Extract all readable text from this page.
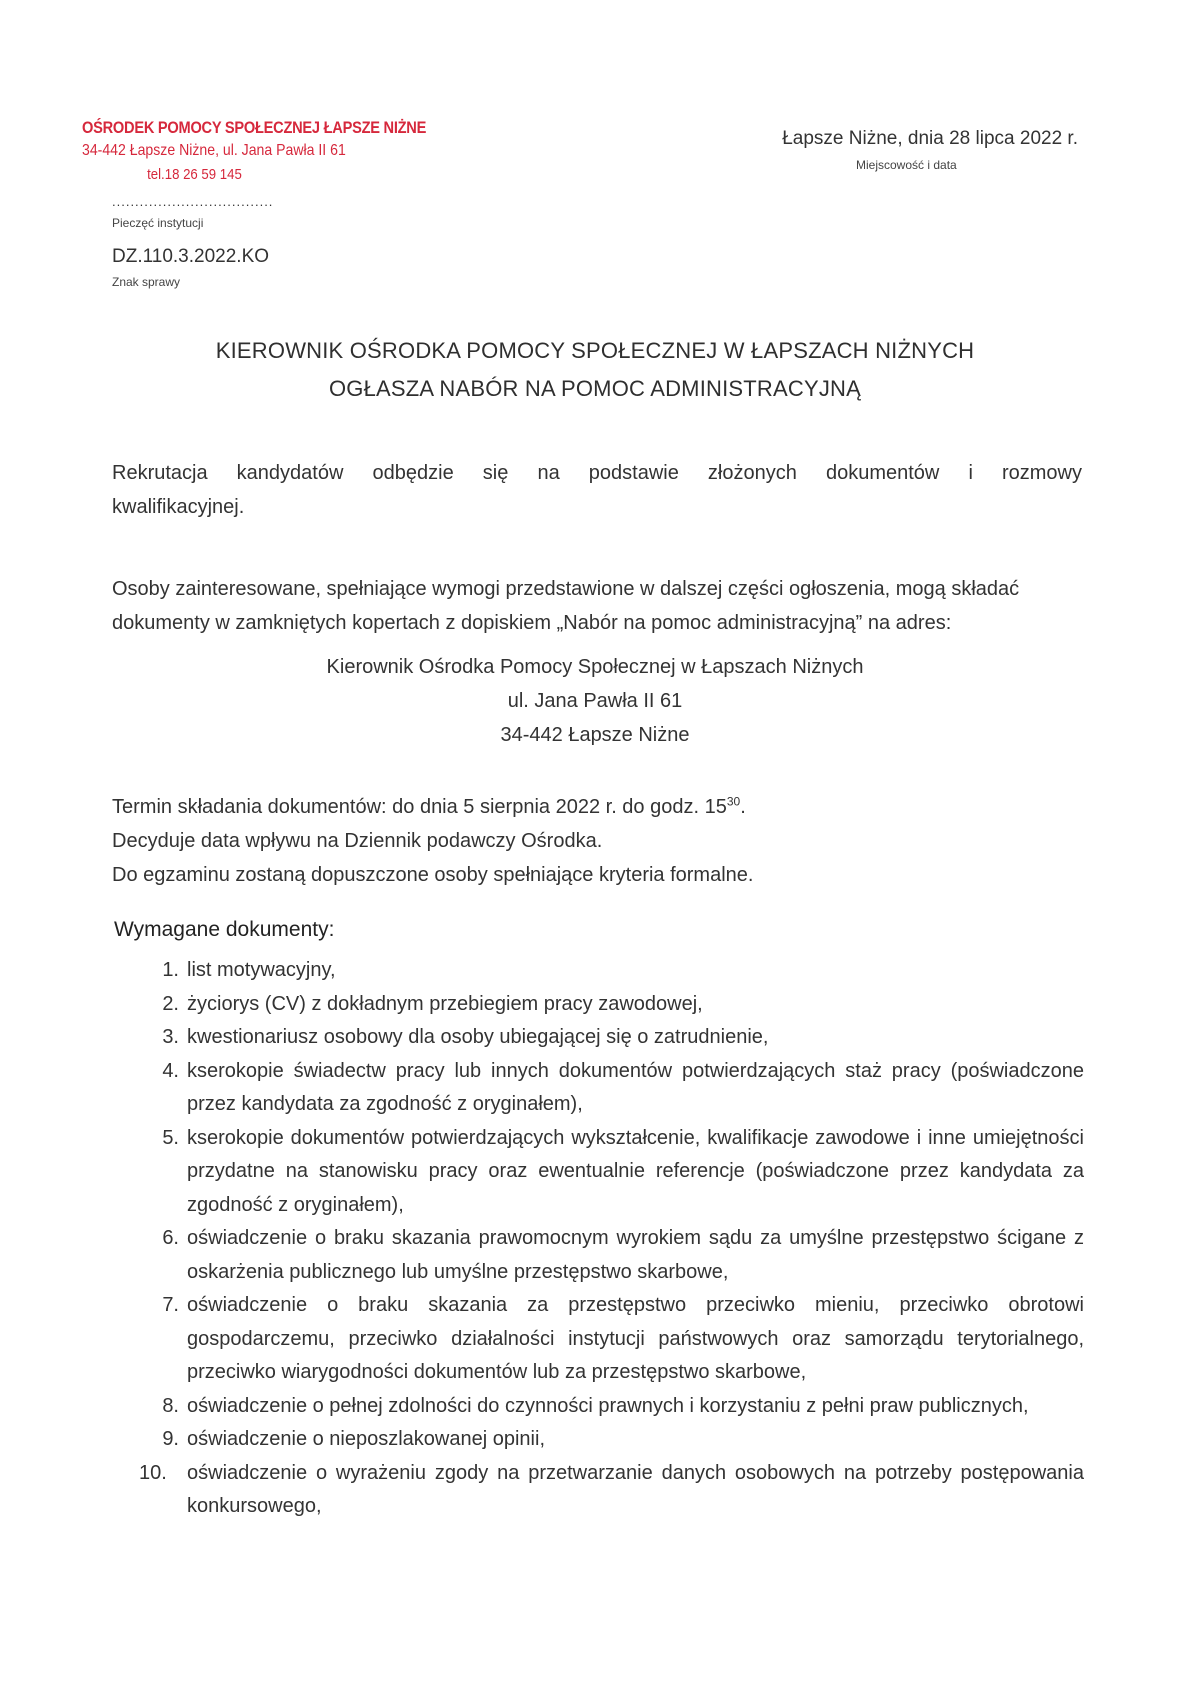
OŚRODEK POMOCY SPOŁECZNEJ ŁAPSZE NIŻNE
34-442 Łapsze Niżne, ul. Jana Pawła II 61
tel.18 26 59 145
...................................
Pieczęć instytucji
DZ.110.3.2022.KO
Znak sprawy
Łapsze Niżne, dnia 28 lipca 2022 r.
Miejscowość i data
KIEROWNIK OŚRODKA POMOCY SPOŁECZNEJ W ŁAPSZACH NIŻNYCH
OGŁASZA NABÓR NA POMOC ADMINISTRACYJNĄ
Rekrutacja kandydatów odbędzie się na podstawie złożonych dokumentów i rozmowy
kwalifikacyjnej.
Osoby zainteresowane, spełniające wymogi przedstawione w dalszej części ogłoszenia, mogą składać
dokumenty w zamkniętych kopertach z dopiskiem „Nabór na pomoc administracyjną” na adres:
Kierownik Ośrodka Pomocy Społecznej w Łapszach Niżnych
ul. Jana Pawła II 61
34-442 Łapsze Niżne
Termin składania dokumentów: do dnia 5 sierpnia 2022 r. do godz. $15^{30}$.
Decyduje data wpływu na Dziennik podawczy Ośrodka.
Do egzaminu zostaną dopuszczone osoby spełniające kryteria formalne.
Wymagane dokumenty:
1. list motywacyjny,
2. życiorys (CV) z dokładnym przebiegiem pracy zawodowej,
3. kwestionariusz osobowy dla osoby ubiegającej się o zatrudnienie,
4. kserokopie świadectw pracy lub innych dokumentów potwierdzających staż pracy (poświadczone przez kandydata za zgodność z oryginałem),
5. kserokopie dokumentów potwierdzających wykształcenie, kwalifikacje zawodowe i inne umiejętności przydatne na stanowisku pracy oraz ewentualnie referencje (poświadczone przez kandydata za zgodność z oryginałem),
6. oświadczenie o braku skazania prawomocnym wyrokiem sądu za umyślne przestępstwo ścigane z oskarżenia publicznego lub umyślne przestępstwo skarbowe,
7. oświadczenie o braku skazania za przestępstwo przeciwko mieniu, przeciwko obrotowi gospodarczemu, przeciwko działalności instytucji państwowych oraz samorządu terytorialnego, przeciwko wiarygodności dokumentów lub za przestępstwo skarbowe,
8. oświadczenie o pełnej zdolności do czynności prawnych i korzystaniu z pełni praw publicznych,
9. oświadczenie o nieposzlakowanej opinii,
10.	oświadczenie o wyrażeniu zgody na przetwarzanie danych osobowych na potrzeby postępowania konkursowego,
